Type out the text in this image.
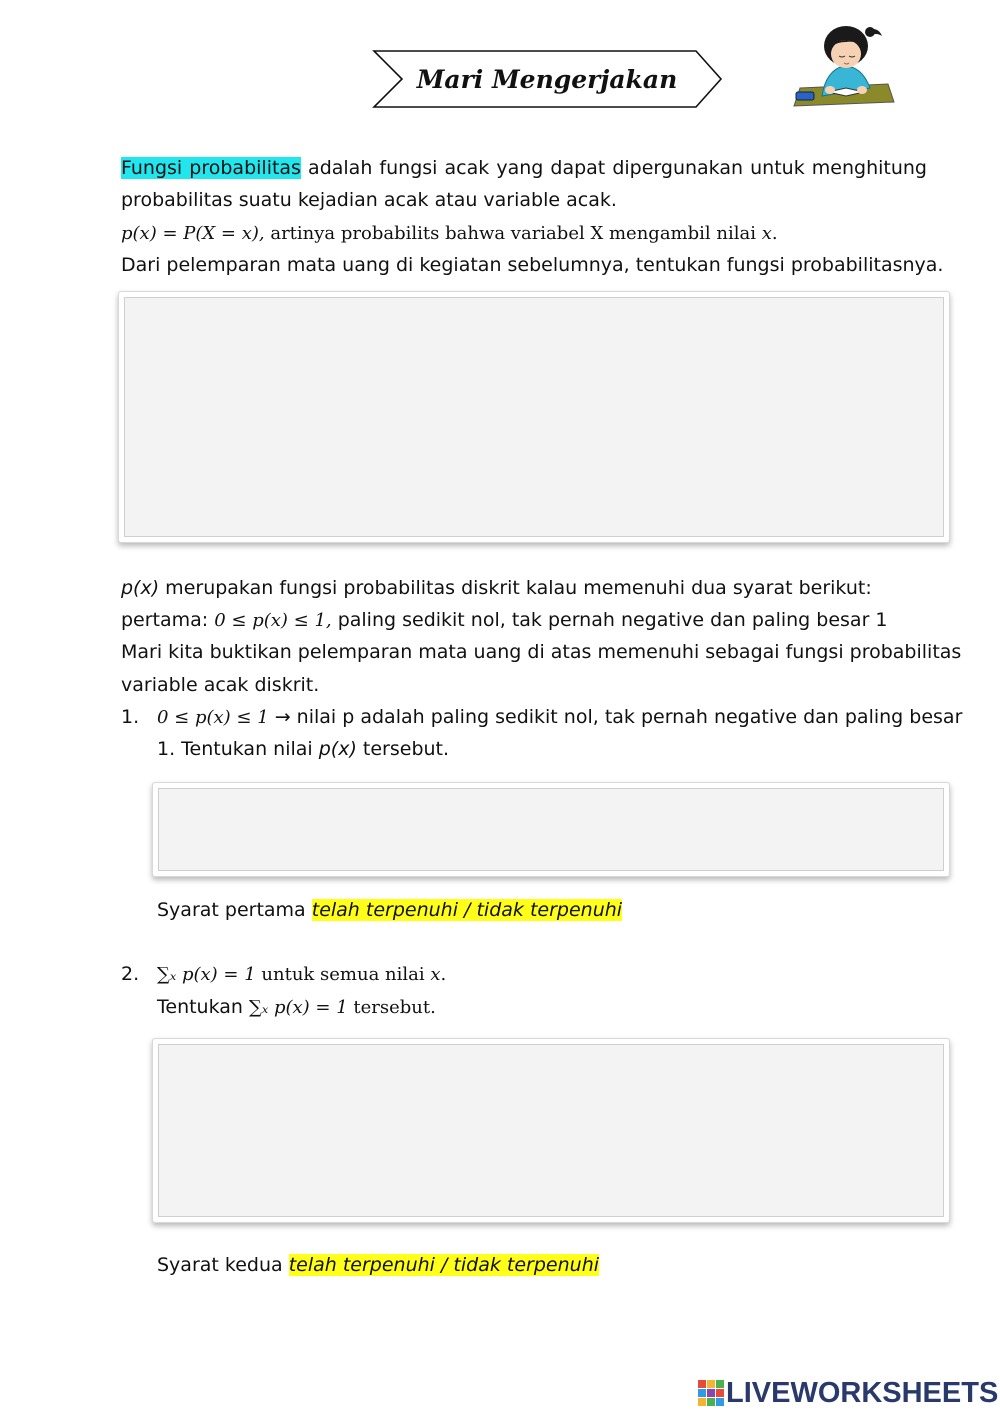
Mari Mengerjakan
Fungsi probabilitas adalah fungsi acak yang dapat dipergunakan untuk menghitung
probabilitas suatu kejadian acak atau variable acak.
p(x) = P(X = x), artinya probabilits bahwa variabel X mengambil nilai x.
Dari pelemparan mata uang di kegiatan sebelumnya, tentukan fungsi probabilitasnya.
p(x) merupakan fungsi probabilitas diskrit kalau memenuhi dua syarat berikut:
pertama: 0 ≤ p(x) ≤ 1, paling sedikit nol, tak pernah negative dan paling besar 1
Mari kita buktikan pelemparan mata uang di atas memenuhi sebagai fungsi probabilitas
variable acak diskrit.
1. 0 ≤ p(x) ≤ 1 → nilai p adalah paling sedikit nol, tak pernah negative dan paling besar
1. Tentukan nilai p(x) tersebut.
Syarat pertama telah terpenuhi / tidak terpenuhi
2. ∑ₓ p(x) = 1 untuk semua nilai x.
Tentukan ∑ₓ p(x) = 1 tersebut.
Syarat kedua telah terpenuhi / tidak terpenuhi
LIVEWORKSHEETS
